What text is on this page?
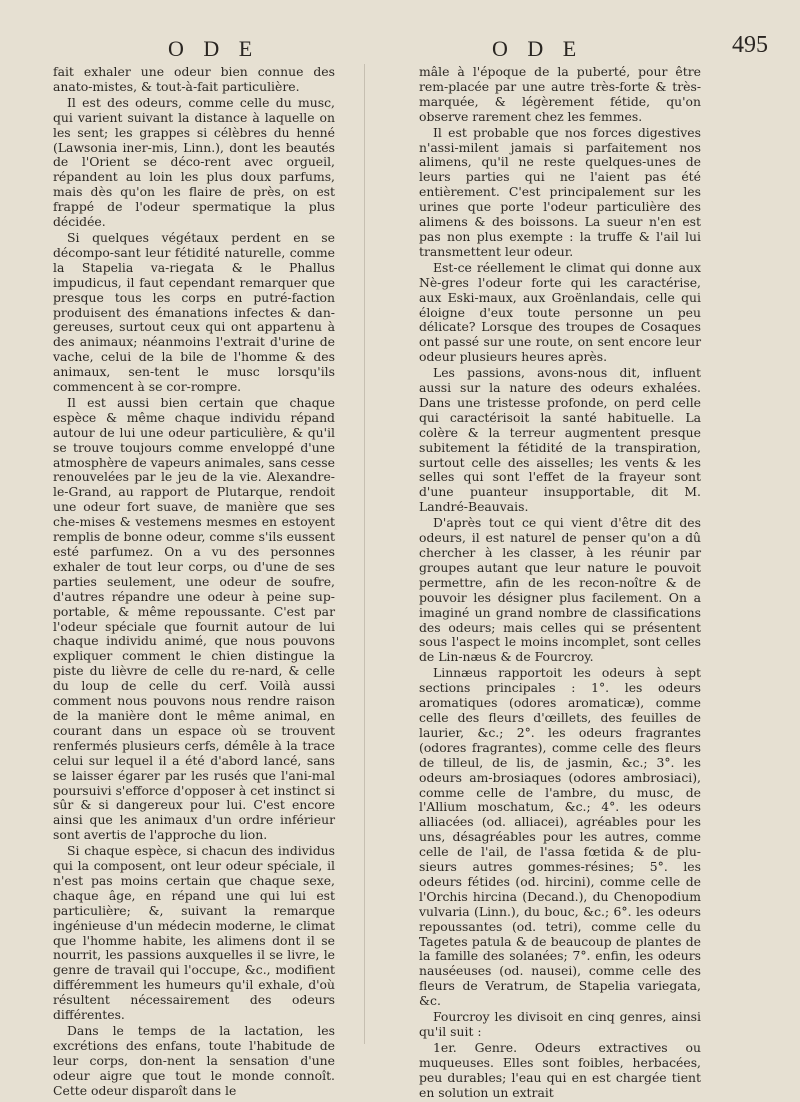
O D E	O D E	495

fait exhaler une odeur bien connue des anato-mistes, & tout-à-fait particulière.

Il est des odeurs, comme celle du musc, qui varient suivant la distance à laquelle on les sent; les grappes si célèbres du henné (Lawsonia iner-mis, Linn.), dont les beautés de l'Orient se déco-rent avec orgueil, répandent au loin les plus doux parfums, mais dès qu'on les flaire de près, on est frappé de l'odeur spermatique la plus décidée.

Si quelques végétaux perdent en se décompo-sant leur fétidité naturelle, comme la Stapelia va-riegata & le Phallus impudicus, il faut cependant remarquer que presque tous les corps en putré-faction produisent des émanations infectes & dan-gereuses, surtout ceux qui ont appartenu à des animaux; néanmoins l'extrait d'urine de vache, celui de la bile de l'homme & des animaux, sen-tent le musc lorsqu'ils commencent à se cor-rompre.

Il est aussi bien certain que chaque espèce & même chaque individu répand autour de lui une odeur particulière, & qu'il se trouve toujours comme enveloppé d'une atmosphère de vapeurs animales, sans cesse renouvelées par le jeu de la vie. Alexandre-le-Grand, au rapport de Plutarque, rendoit une odeur fort suave, de manière que ses che-mises & vestemens mesmes en estoyent remplis de bonne odeur, comme s'ils eussent esté parfumez. On a vu des personnes exhaler de tout leur corps, ou d'une de ses parties seulement, une odeur de soufre, d'autres répandre une odeur à peine sup-portable, & même repoussante. C'est par l'odeur spéciale que fournit autour de lui chaque individu animé, que nous pouvons expliquer comment le chien distingue la piste du lièvre de celle du re-nard, & celle du loup de celle du cerf. Voilà aussi comment nous pouvons nous rendre raison de la manière dont le même animal, en courant dans un espace où se trouvent renfermés plusieurs cerfs, démêle à la trace celui sur lequel il a été d'abord lancé, sans se laisser égarer par les rusés que l'ani-mal poursuivi s'efforce d'opposer à cet instinct si sûr & si dangereux pour lui. C'est encore ainsi que les animaux d'un ordre inférieur sont avertis de l'approche du lion.

Si chaque espèce, si chacun des individus qui la composent, ont leur odeur spéciale, il n'est pas moins certain que chaque sexe, chaque âge, en répand une qui lui est particulière; &, suivant la remarque ingénieuse d'un médecin moderne, le climat que l'homme habite, les alimens dont il se nourrit, les passions auxquelles il se livre, le genre de travail qui l'occupe, &c., modifient différemment les humeurs qu'il exhale, d'où résultent nécessairement des odeurs différentes.

Dans le temps de la lactation, les excrétions des enfans, toute l'habitude de leur corps, don-nent la sensation d'une odeur aigre que tout le monde connoît. Cette odeur disparoît dans le

mâle à l'époque de la puberté, pour être rem-placée par une autre très-forte & très-marquée, & légèrement fétide, qu'on observe rarement chez les femmes.

Il est probable que nos forces digestives n'assi-milent jamais si parfaitement nos alimens, qu'il ne reste quelques-unes de leurs parties qui ne l'aient pas été entièrement. C'est principalement sur les urines que porte l'odeur particulière des alimens & des boissons. La sueur n'en est pas non plus exempte : la truffe & l'ail lui transmettent leur odeur.

Est-ce réellement le climat qui donne aux Nè-gres l'odeur forte qui les caractérise, aux Eski-maux, aux Groënlandais, celle qui éloigne d'eux toute personne un peu délicate? Lorsque des troupes de Cosaques ont passé sur une route, on sent encore leur odeur plusieurs heures après.

Les passions, avons-nous dit, influent aussi sur la nature des odeurs exhalées. Dans une tristesse profonde, on perd celle qui caractérisoit la santé habituelle. La colère & la terreur augmentent presque subitement la fétidité de la transpiration, surtout celle des aisselles; les vents & les selles qui sont l'effet de la frayeur sont d'une puanteur insupportable, dit M. Landré-Beauvais.

D'après tout ce qui vient d'être dit des odeurs, il est naturel de penser qu'on a dû chercher à les classer, à les réunir par groupes autant que leur nature le pouvoit permettre, afin de les recon-noître & de pouvoir les désigner plus facilement. On a imaginé un grand nombre de classifications des odeurs; mais celles qui se présentent sous l'aspect le moins incomplet, sont celles de Lin-næus & de Fourcroy.

Linnæus rapportoit les odeurs à sept sections principales : 1°. les odeurs aromatiques (odores aromaticæ), comme celle des fleurs d'œillets, des feuilles de laurier, &c.; 2°. les odeurs fragrantes (odores fragrantes), comme celle des fleurs de tilleul, de lis, de jasmin, &c.; 3°. les odeurs am-brosiaques (odores ambrosiaci), comme celle de l'ambre, du musc, de l'Allium moschatum, &c.; 4°. les odeurs alliacées (od. alliacei), agréables pour les uns, désagréables pour les autres, comme celle de l'ail, de l'assa fœtida & de plu-sieurs autres gommes-résines; 5°. les odeurs fétides (od. hircini), comme celle de l'Orchis hircina (Decand.), du Chenopodium vulvaria (Linn.), du bouc, &c.; 6°. les odeurs repoussantes (od. tetri), comme celle du Tagetes patula & de beaucoup de plantes de la famille des solanées; 7°. enfin, les odeurs nauséeuses (od. nausei), comme celle des fleurs de Veratrum, de Stapelia variegata, &c.

Fourcroy les divisoit en cinq genres, ainsi qu'il suit :

1er. Genre. Odeurs extractives ou muqueuses. Elles sont foibles, herbacées, peu durables; l'eau qui en est chargée tient en solution un extrait
